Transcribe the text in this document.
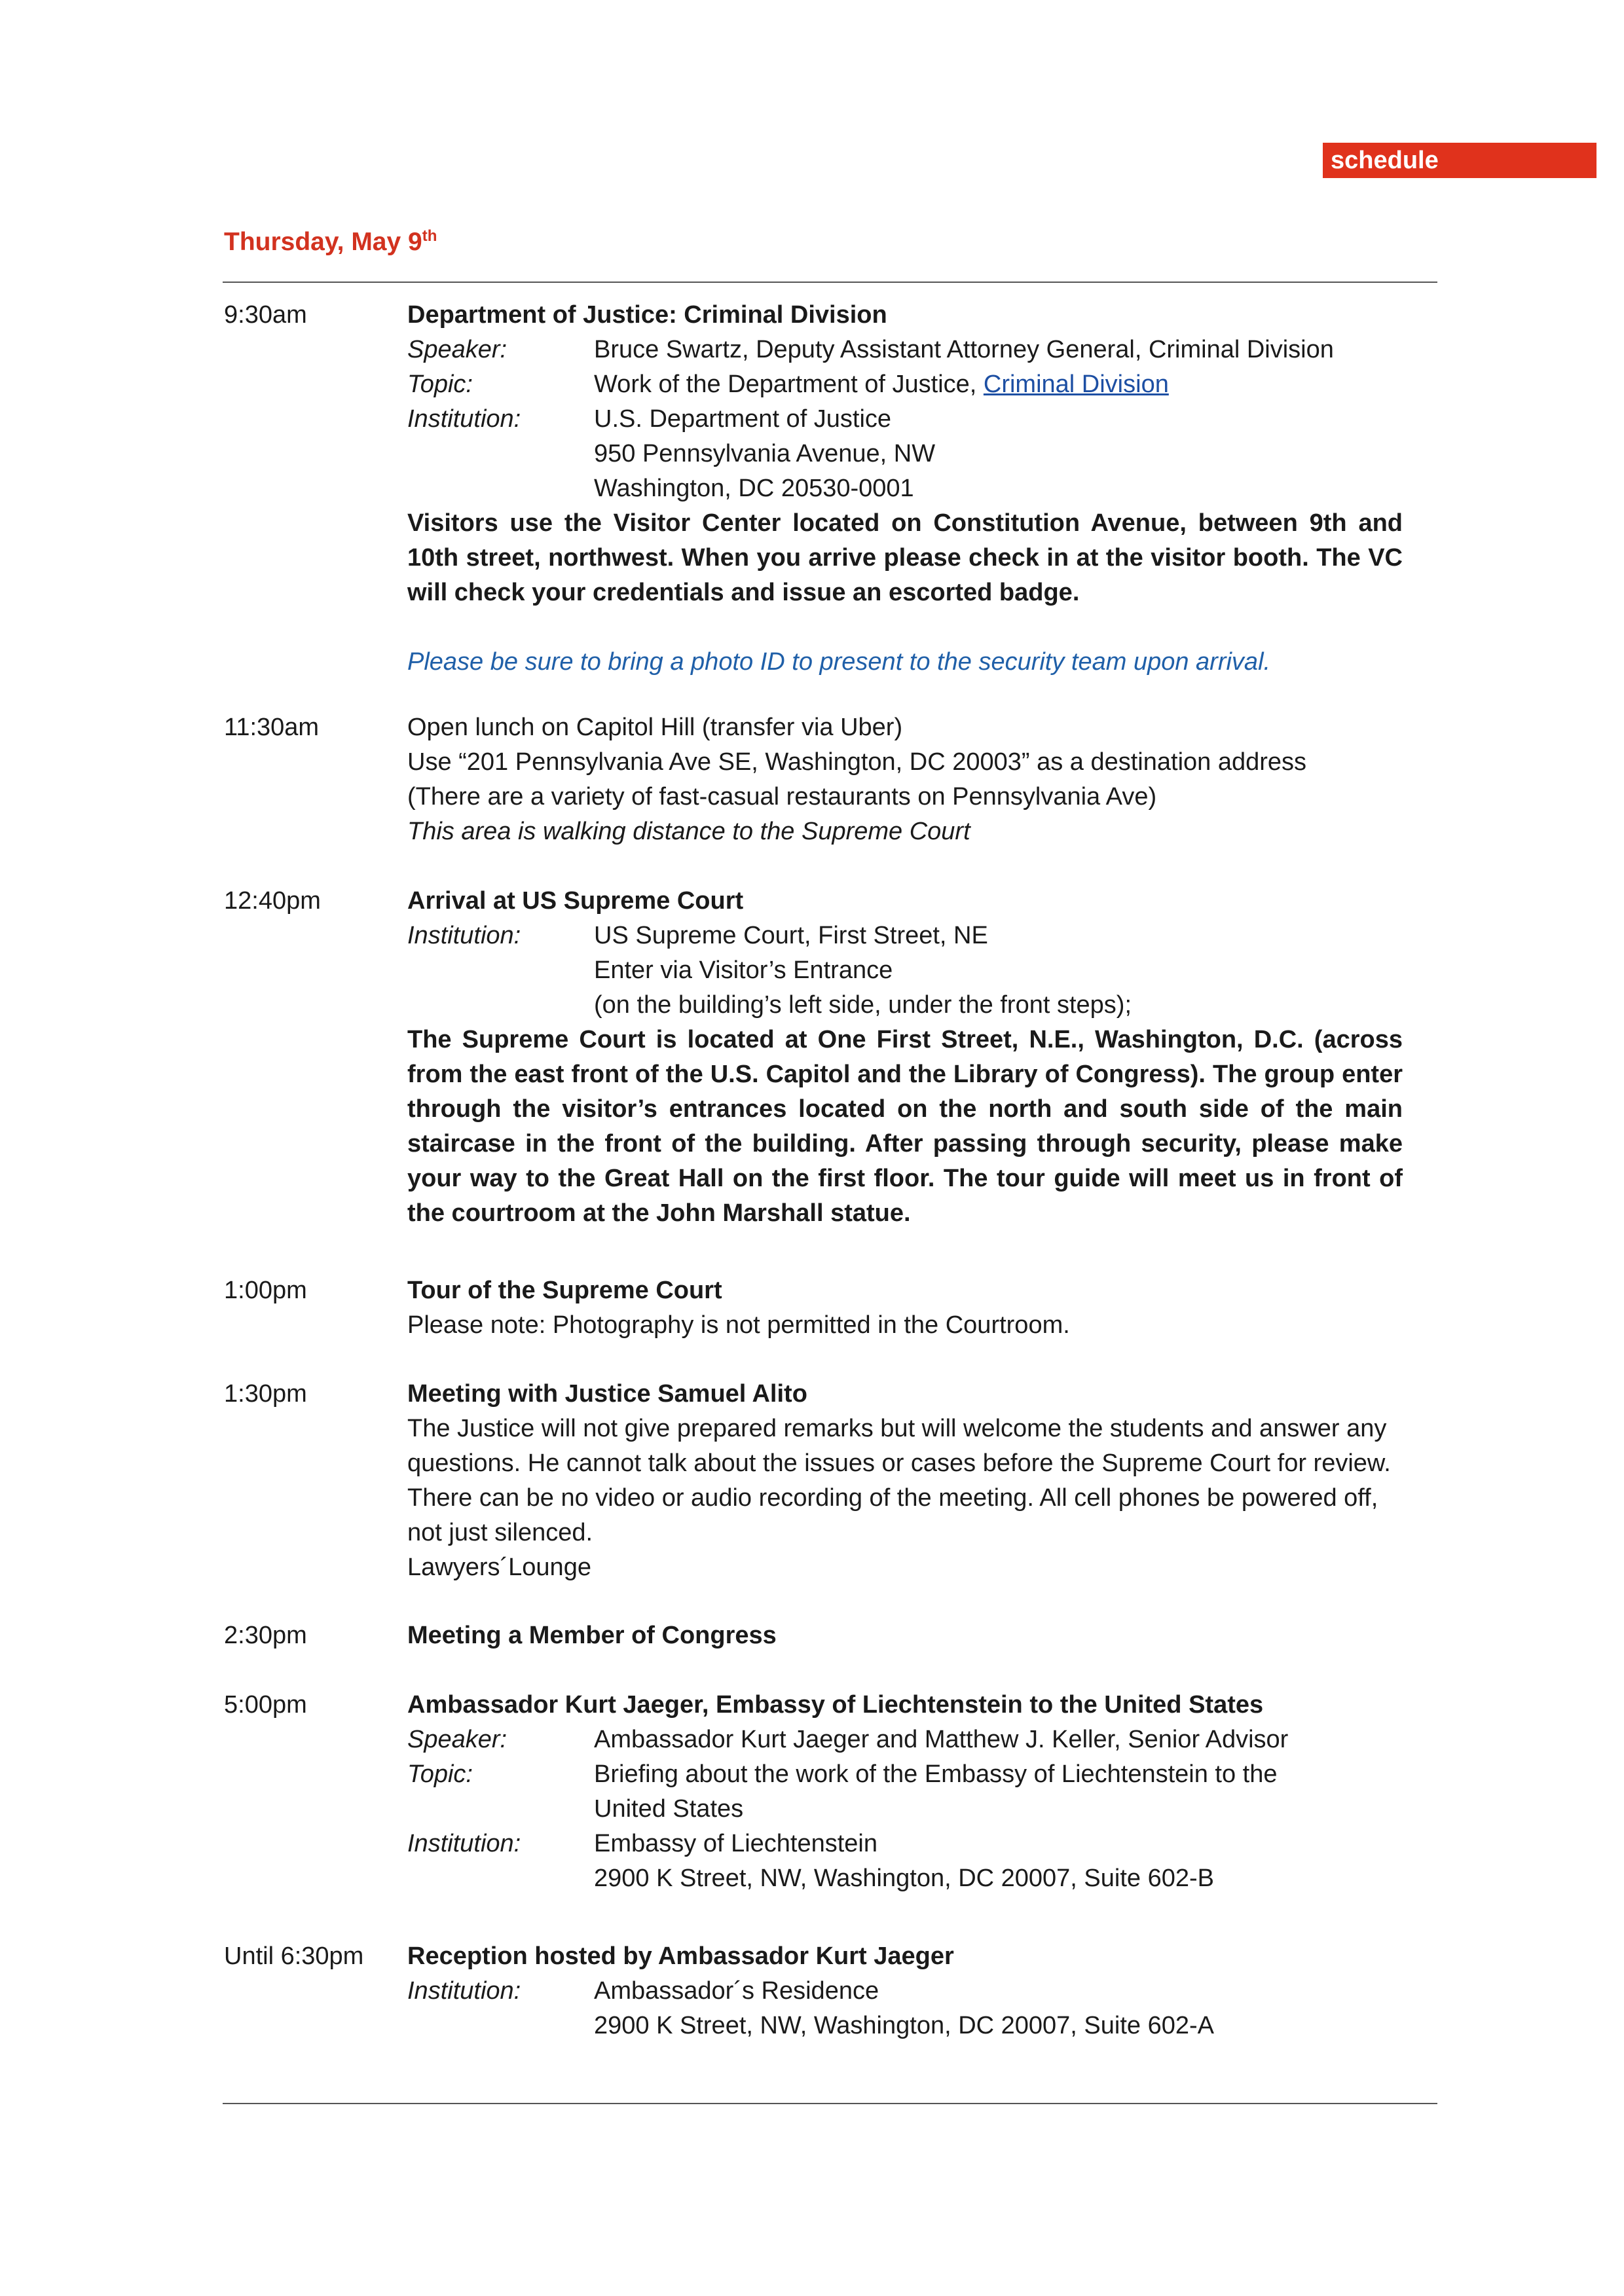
schedule
Thursday, May 9th
9:30am	Department of Justice: Criminal Division
Speaker:	Bruce Swartz, Deputy Assistant Attorney General, Criminal Division
Topic:	Work of the Department of Justice, Criminal Division
Institution:	U.S. Department of Justice
950 Pennsylvania Avenue, NW
Washington, DC 20530-0001
Visitors use the Visitor Center located on Constitution Avenue, between 9th and 10th street, northwest. When you arrive please check in at the visitor booth. The VC will check your credentials and issue an escorted badge.
Please be sure to bring a photo ID to present to the security team upon arrival.
11:30am	Open lunch on Capitol Hill (transfer via Uber)
Use “201 Pennsylvania Ave SE, Washington, DC 20003” as a destination address
(There are a variety of fast-casual restaurants on Pennsylvania Ave)
This area is walking distance to the Supreme Court
12:40pm	Arrival at US Supreme Court
Institution:	US Supreme Court, First Street, NE
Enter via Visitor’s Entrance
(on the building’s left side, under the front steps);
The Supreme Court is located at One First Street, N.E., Washington, D.C. (across from the east front of the U.S. Capitol and the Library of Congress). The group enter through the visitor’s entrances located on the north and south side of the main staircase in the front of the building. After passing through security, please make your way to the Great Hall on the first floor. The tour guide will meet us in front of the courtroom at the John Marshall statue.
1:00pm	Tour of the Supreme Court
Please note: Photography is not permitted in the Courtroom.
1:30pm	Meeting with Justice Samuel Alito
The Justice will not give prepared remarks but will welcome the students and answer any questions. He cannot talk about the issues or cases before the Supreme Court for review. There can be no video or audio recording of the meeting. All cell phones be powered off, not just silenced.
Lawyers´Lounge
2:30pm	Meeting a Member of Congress
5:00pm	Ambassador Kurt Jaeger, Embassy of Liechtenstein to the United States
Speaker:	Ambassador Kurt Jaeger and Matthew J. Keller, Senior Advisor
Topic:	Briefing about the work of the Embassy of Liechtenstein to the United States
Institution:	Embassy of Liechtenstein
2900 K Street, NW, Washington, DC 20007, Suite 602-B
Until 6:30pm	Reception hosted by Ambassador Kurt Jaeger
Institution:	Ambassador´s Residence
2900 K Street, NW, Washington, DC 20007, Suite 602-A
